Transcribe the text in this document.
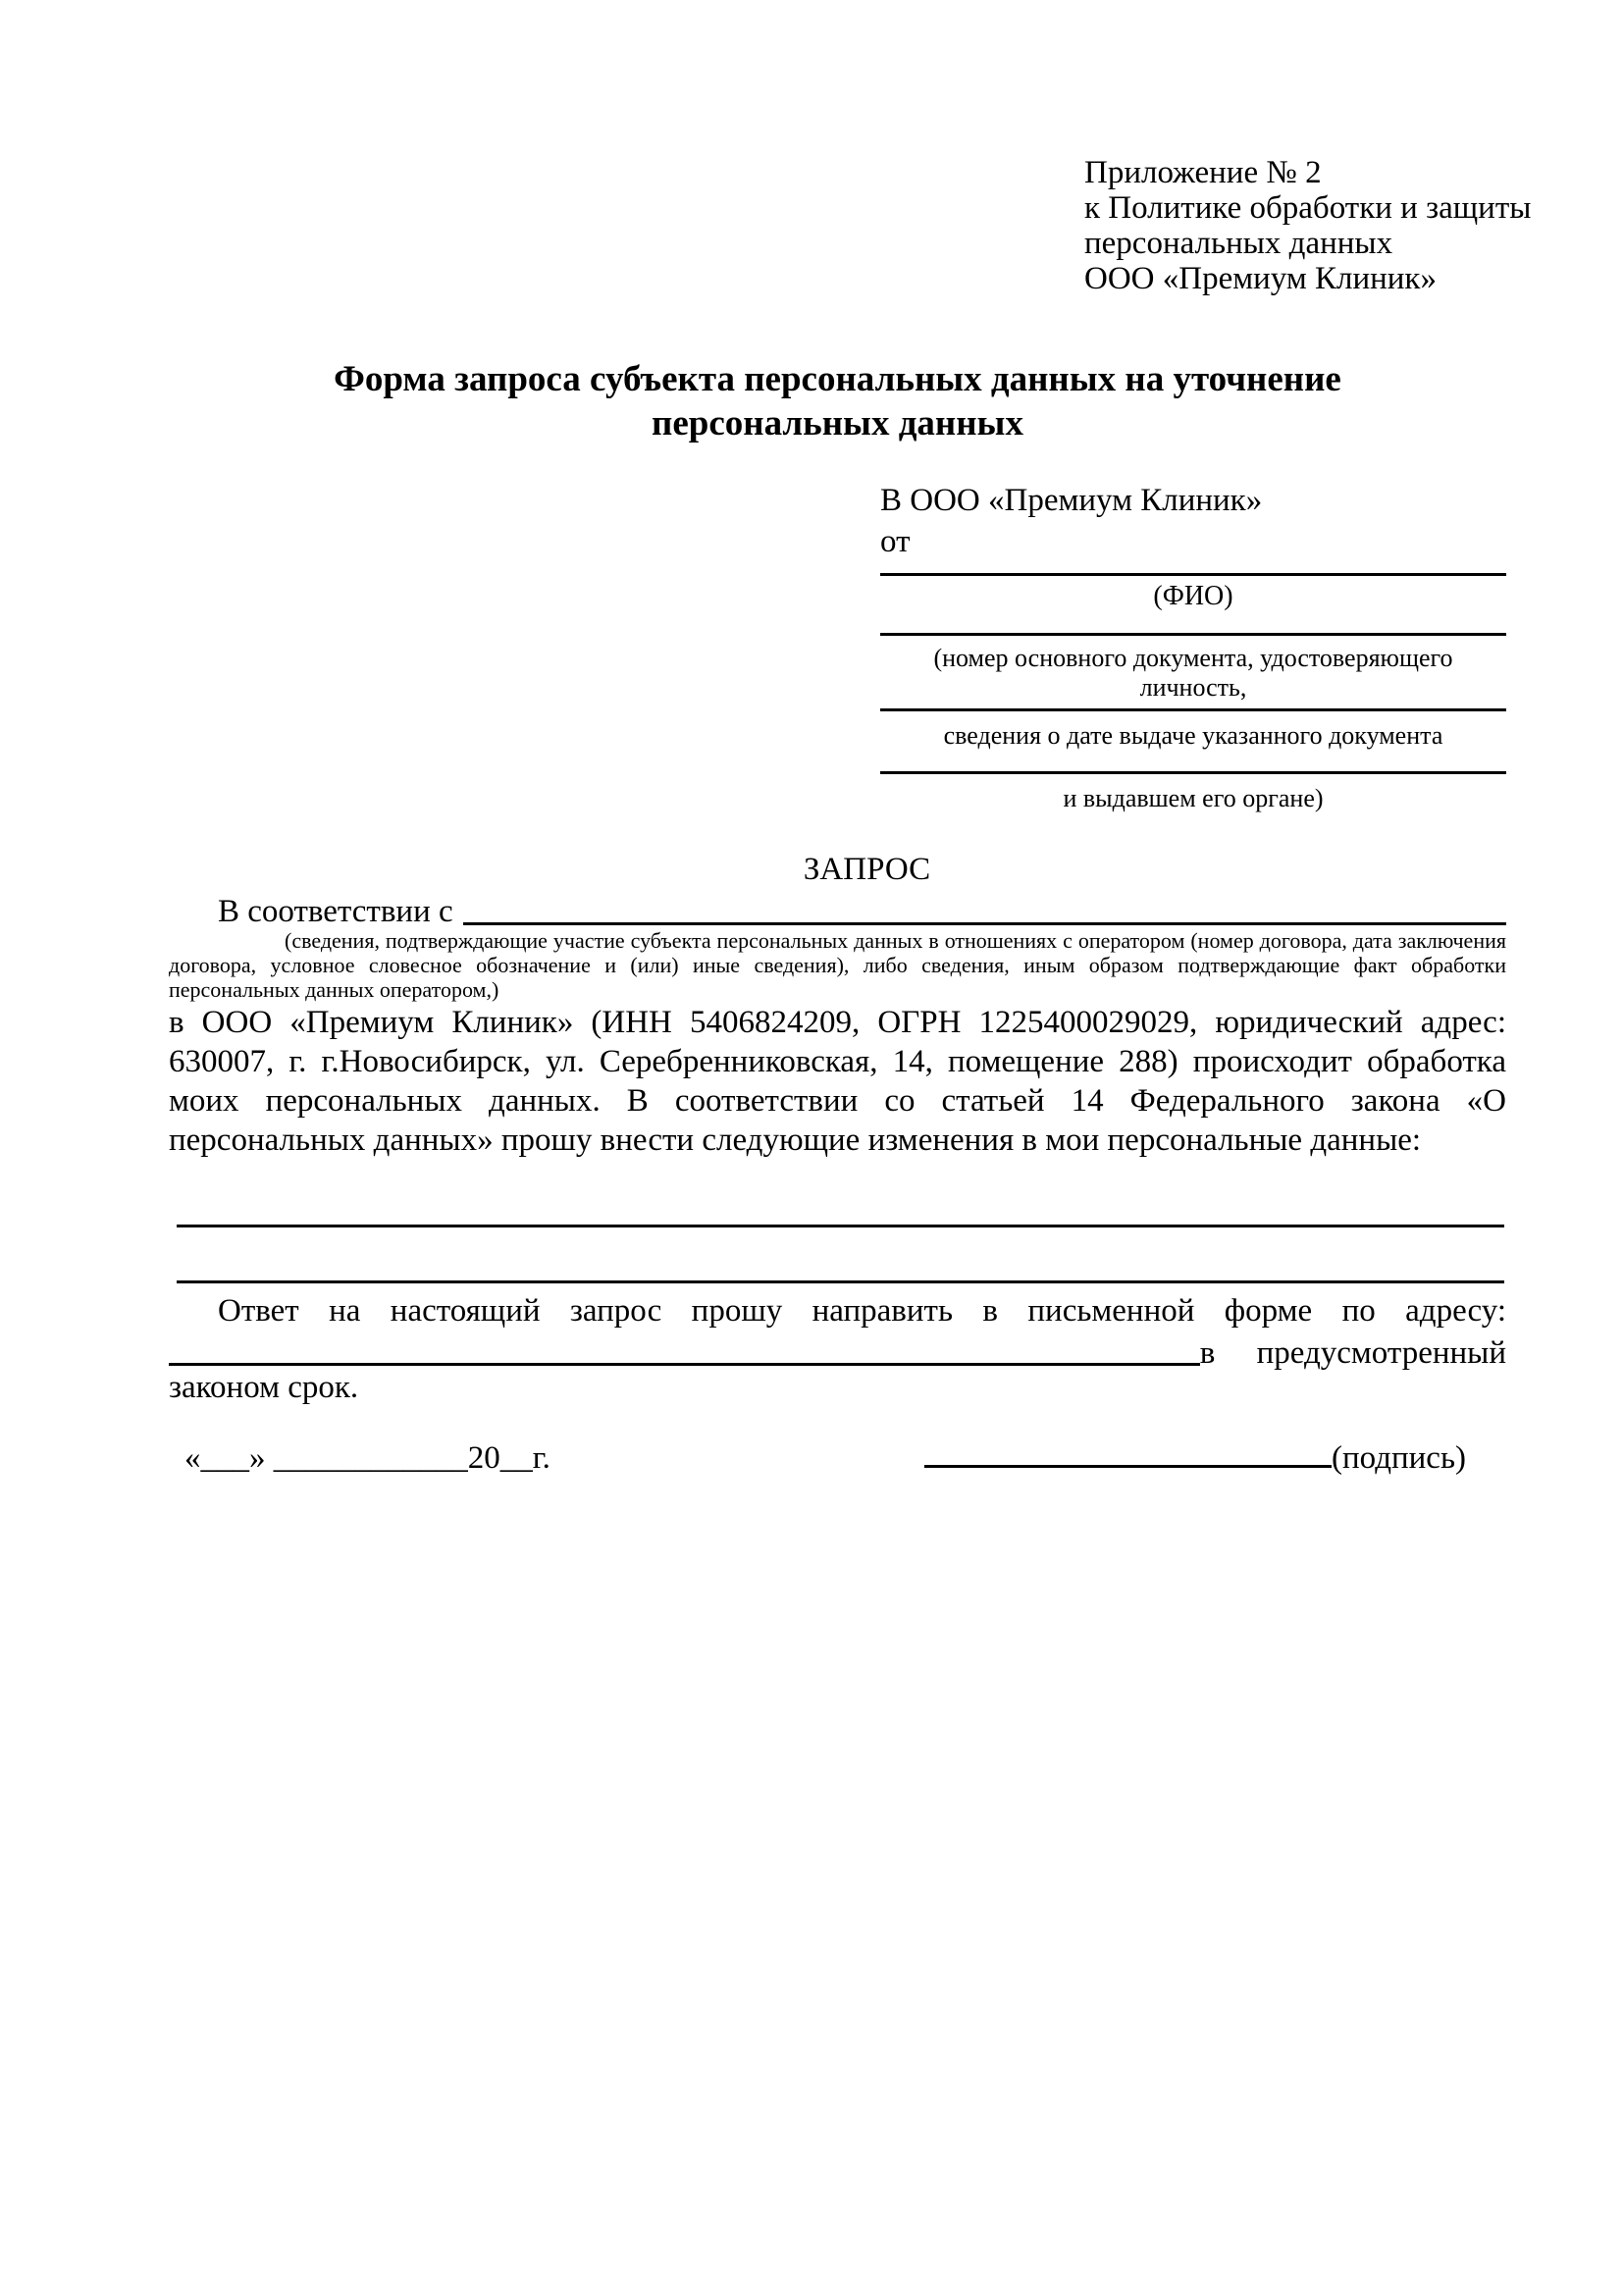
Приложение № 2
к Политике обработки и защиты
персональных данных
ООО «Премиум Клиник»
Форма запроса субъекта персональных данных на уточнение
персональных данных
В ООО «Премиум Клиник»
от
(ФИО)
(номер основного документа, удостоверяющего личность,
сведения о дате выдаче указанного документа
и выдавшем его органе)
ЗАПРОС
В соответствии с
(сведения, подтверждающие участие субъекта персональных данных в отношениях с оператором (номер договора, дата заключения договора, условное словесное обозначение и (или) иные сведения), либо сведения, иным образом подтверждающие факт обработки персональных данных оператором,)
в ООО «Премиум Клиник» (ИНН 5406824209, ОГРН 1225400029029, юридический адрес: 630007, г. г.Новосибирск, ул. Серебренниковская, 14, помещение 288) происходит обработка моих персональных данных. В соответствии со статьей 14 Федерального закона «О персональных данных» прошу внести следующие изменения в мои персональные данные:
Ответ на настоящий запрос прошу направить в письменной форме по адресу:
в предусмотренный
законом срок.
«___» ____________20__г.	(подпись)
